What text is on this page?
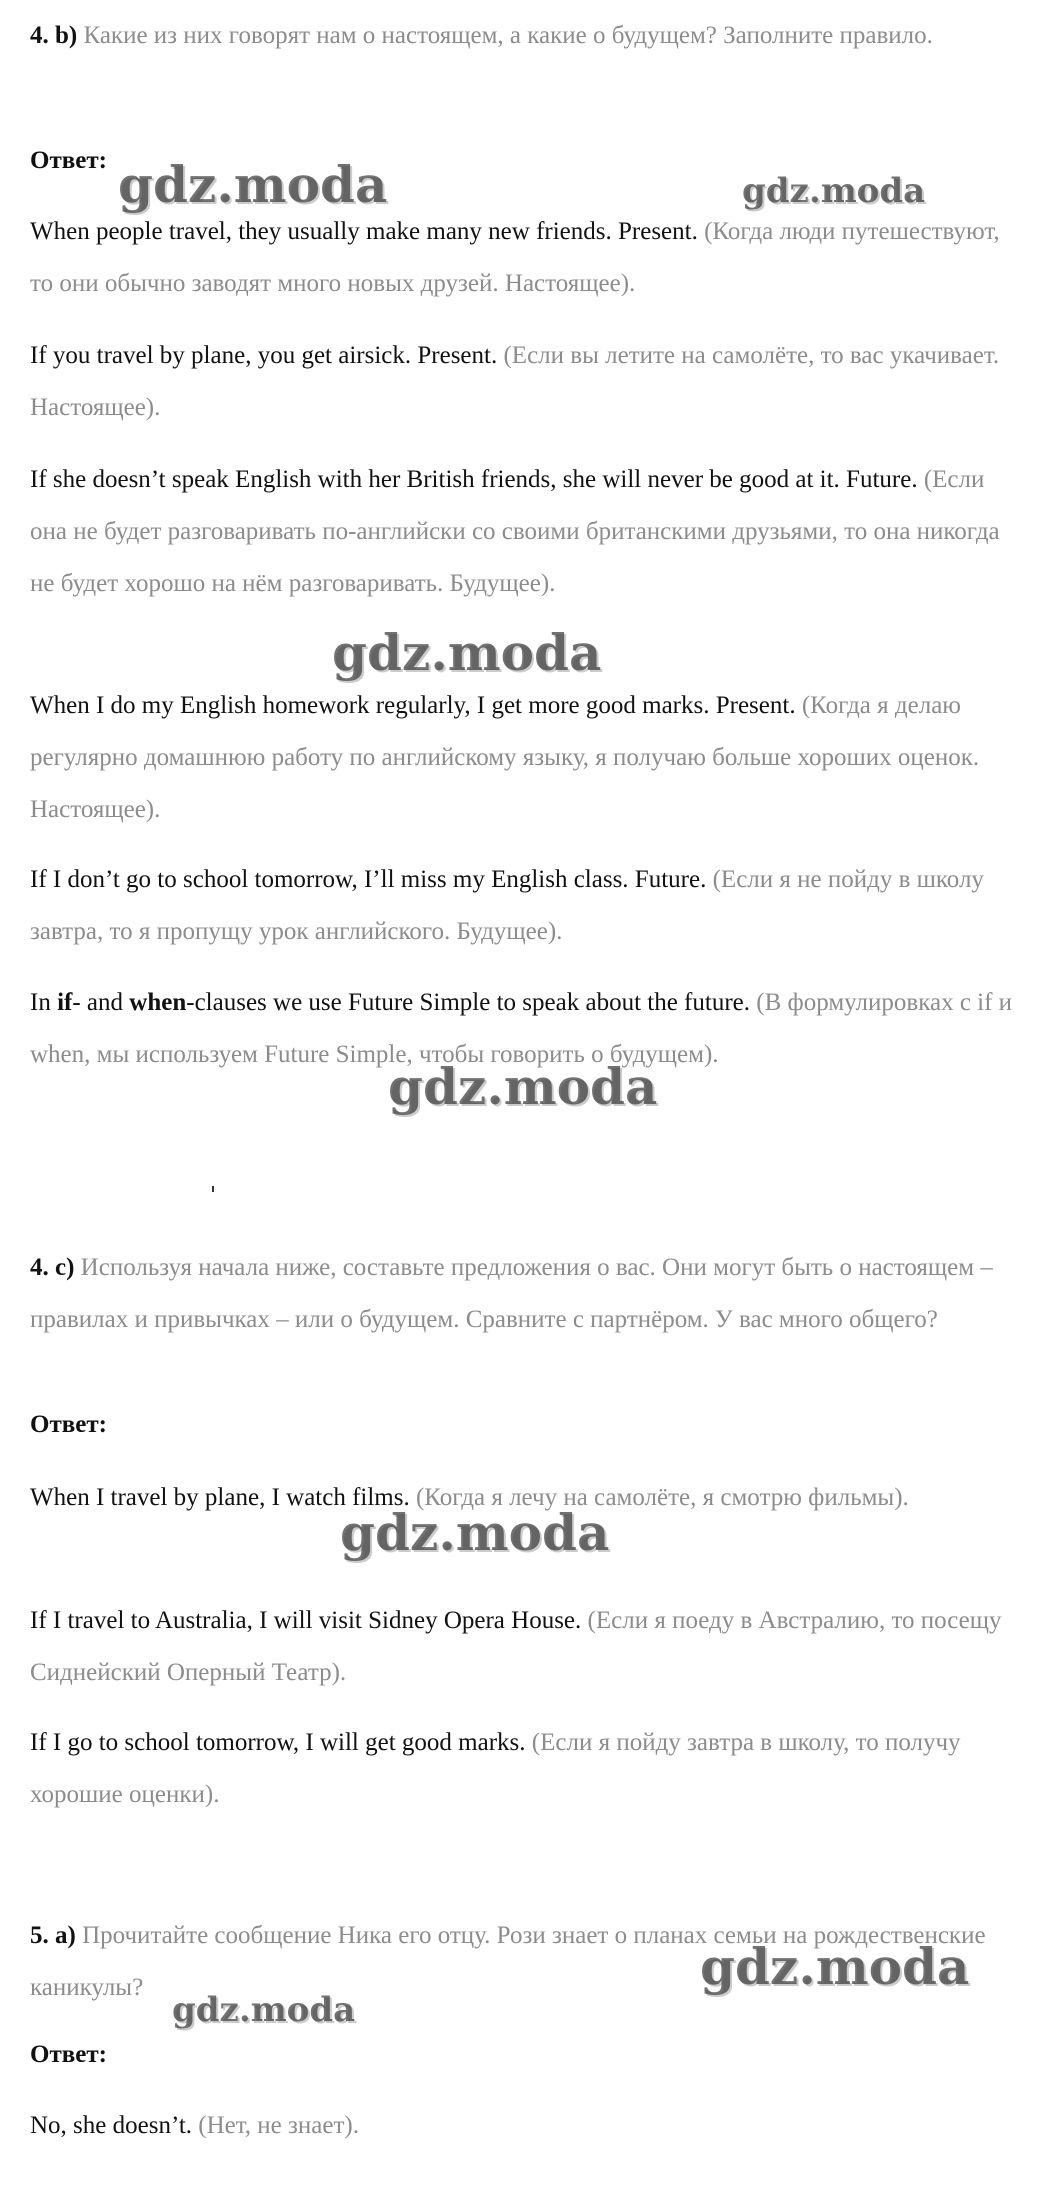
4. b) Какие из них говорят нам о настоящем, а какие о будущем? Заполните правило.

Ответ:

When people travel, they usually make many new friends. Present. (Когда люди путешествуют, то они обычно заводят много новых друзей. Настоящее).

If you travel by plane, you get airsick. Present. (Если вы летите на самолёте, то вас укачивает. Настоящее).

If she doesn’t speak English with her British friends, she will never be good at it. Future. (Если она не будет разговаривать по-английски со своими британскими друзьями, то она никогда не будет хорошо на нём разговаривать. Будущее).

When I do my English homework regularly, I get more good marks. Present. (Когда я делаю регулярно домашнюю работу по английскому языку, я получаю больше хороших оценок. Настоящее).

If I don’t go to school tomorrow, I’ll miss my English class. Future. (Если я не пойду в школу завтра, то я пропущу урок английского. Будущее).

In if- and when-clauses we use Future Simple to speak about the future. (В формулировках с if и when, мы используем Future Simple, чтобы говорить о будущем).

4. c) Используя начала ниже, составьте предложения о вас. Они могут быть о настоящем – правилах и привычках – или о будущем. Сравните с партнёром. У вас много общего?

Ответ:

When I travel by plane, I watch films. (Когда я лечу на самолёте, я смотрю фильмы).

If I travel to Australia, I will visit Sidney Opera House. (Если я поеду в Австралию, то посещу Сиднейский Оперный Театр).

If I go to school tomorrow, I will get good marks. (Если я пойду завтра в школу, то получу хорошие оценки).

5. a) Прочитайте сообщение Ника его отцу. Рози знает о планах семьи на рождественские каникулы?

Ответ:

No, she doesn’t. (Нет, не знает).

gdz.moda	gdz.moda
gdz.moda
gdz.moda
gdz.moda
gdz.moda
gdz.moda
